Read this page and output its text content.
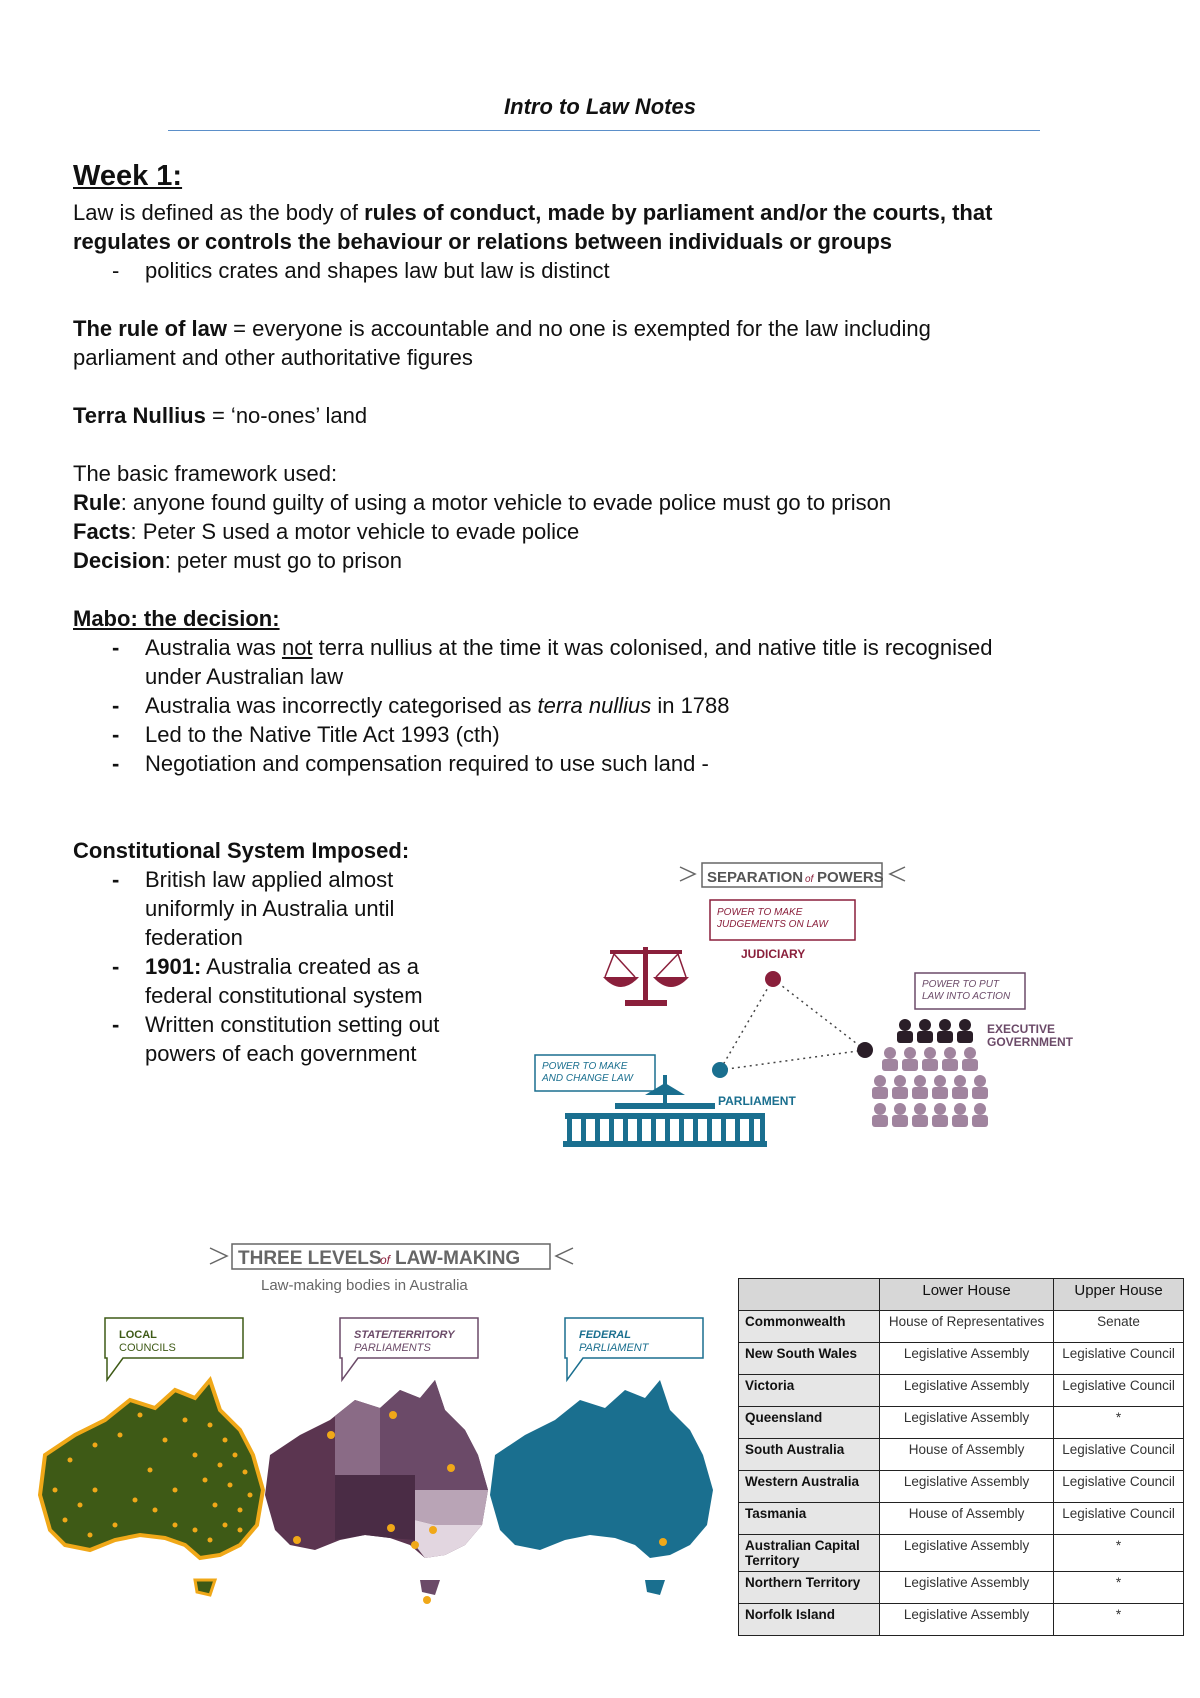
Intro to Law Notes
Week 1:
Law is defined as the body of rules of conduct, made by parliament and/or the courts, that
regulates or controls the behaviour or relations between individuals or groups
- politics crates and shapes law but law is distinct
The rule of law = everyone is accountable and no one is exempted for the law including
parliament and other authoritative figures
Terra Nullius = ‘no-ones’ land
The basic framework used:
Rule: anyone found guilty of using a motor vehicle to evade police must go to prison
Facts: Peter S used a motor vehicle to evade police
Decision: peter must go to prison
Mabo: the decision:
- Australia was not terra nullius at the time it was colonised, and native title is recognised
under Australian law
- Australia was incorrectly categorised as terra nullius in 1788
- Led to the Native Title Act 1993 (cth)
- Negotiation and compensation required to use such land -
Constitutional System Imposed:
- British law applied almost
uniformly in Australia until
federation
- 1901: Australia created as a
federal constitutional system
- Written constitution setting out
powers of each government
SEPARATION of POWERS
POWER TO MAKE
JUDGEMENTS ON LAW
JUDICIARY
POWER TO PUT
LAW INTO ACTION
EXECUTIVE
GOVERNMENT
POWER TO MAKE
AND CHANGE LAW
PARLIAMENT
THREE LEVELS
of LAW-MAKING
Law-making bodies in Australia
LOCAL
COUNCILS
STATE/TERRITORY
PARLIAMENTS
FEDERAL
PARLIAMENT
	Lower House	Upper House
Commonwealth	House of Representatives	Senate
New South Wales	Legislative Assembly	Legislative Council
Victoria	Legislative Assembly	Legislative Council
Queensland	Legislative Assembly	*
South Australia	House of Assembly	Legislative Council
Western Australia	Legislative Assembly	Legislative Council
Tasmania	House of Assembly	Legislative Council
Australian Capital Territory	Legislative Assembly	*
Northern Territory	Legislative Assembly	*
Norfolk Island	Legislative Assembly	*
